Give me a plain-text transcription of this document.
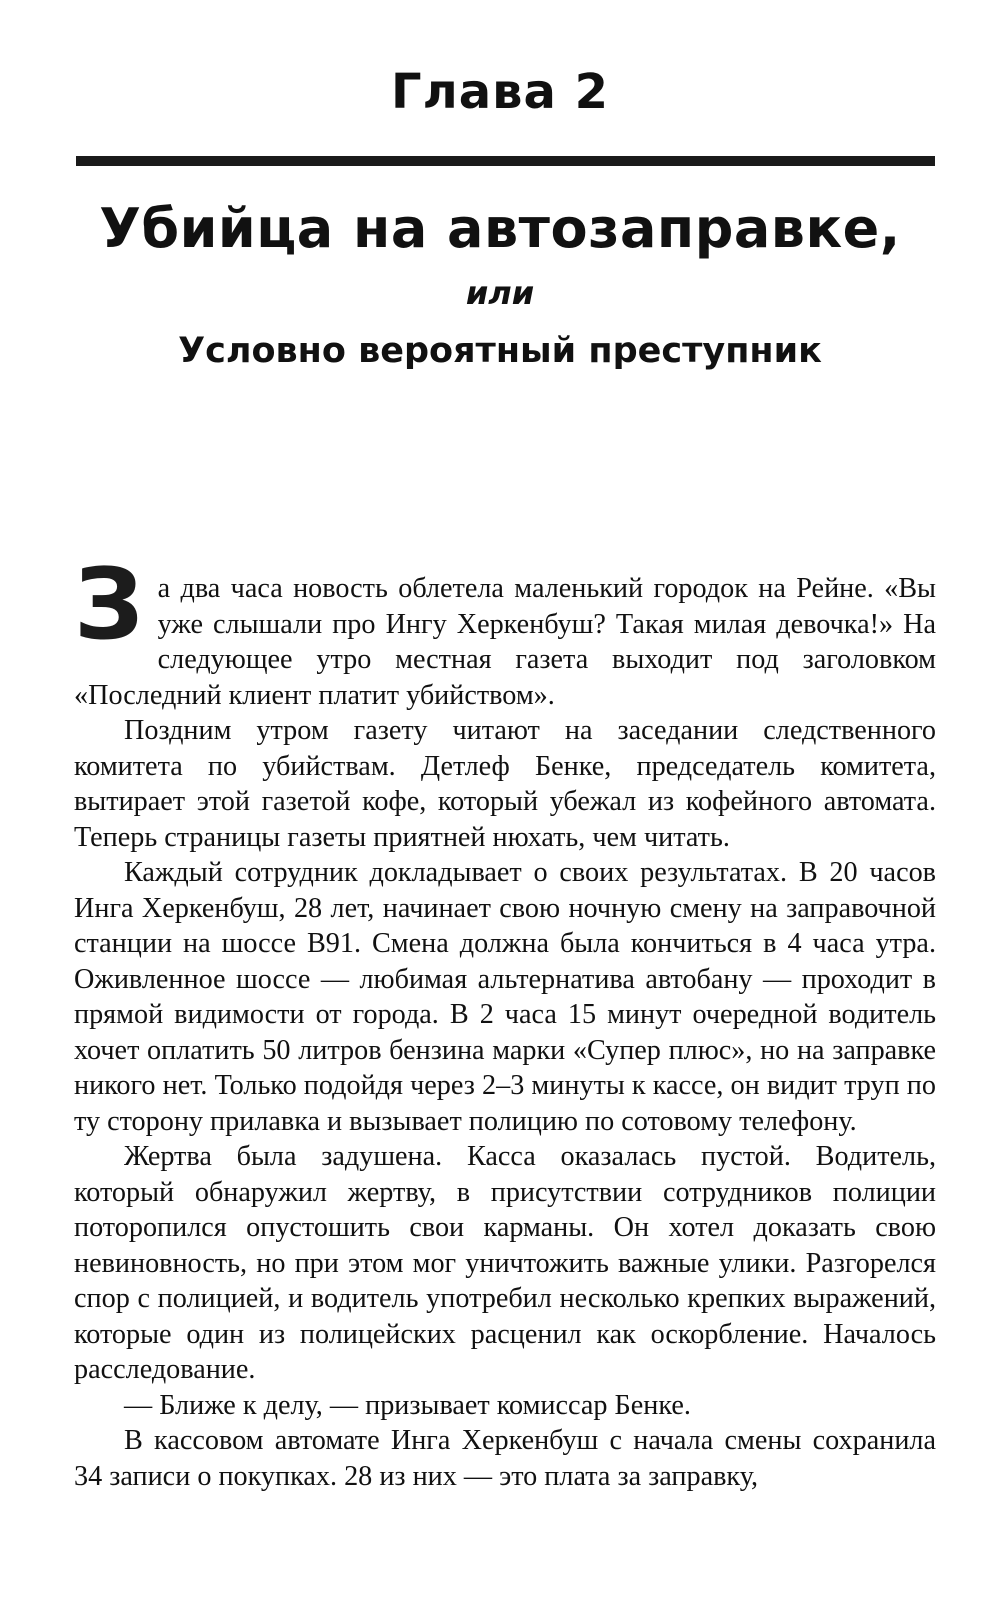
Глава 2
Убийца на автозаправке,
или
Условно вероятный преступник

За два часа новость облетела маленький городок на Рейне. «Вы уже слышали про Ингу Херкенбуш? Такая милая девочка!» На следующее утро местная газета выходит под заголовком «Последний клиент платит убийством».

Поздним утром газету читают на заседании следственного комитета по убийствам. Детлеф Бенке, председатель комитета, вытирает этой газетой кофе, который убежал из кофейного автомата. Теперь страницы газеты приятней нюхать, чем читать.

Каждый сотрудник докладывает о своих результатах. В 20 часов Инга Херкенбуш, 28 лет, начинает свою ночную смену на заправочной станции на шоссе B91. Смена должна была кончиться в 4 часа утра. Оживленное шоссе — любимая альтернатива автобану — проходит в прямой видимости от города. В 2 часа 15 минут очередной водитель хочет оплатить 50 литров бензина марки «Супер плюс», но на заправке никого нет. Только подойдя через 2–3 минуты к кассе, он видит труп по ту сторону прилавка и вызывает полицию по сотовому телефону.

Жертва была задушена. Касса оказалась пустой. Водитель, который обнаружил жертву, в присутствии сотрудников полиции поторопился опустошить свои карманы. Он хотел доказать свою невиновность, но при этом мог уничтожить важные улики. Разгорелся спор с полицией, и водитель употребил несколько крепких выражений, которые один из полицейских расценил как оскорбление. Началось расследование.

— Ближе к делу, — призывает комиссар Бенке.

В кассовом автомате Инга Херкенбуш с начала смены сохранила 34 записи о покупках. 28 из них — это плата за заправку,
